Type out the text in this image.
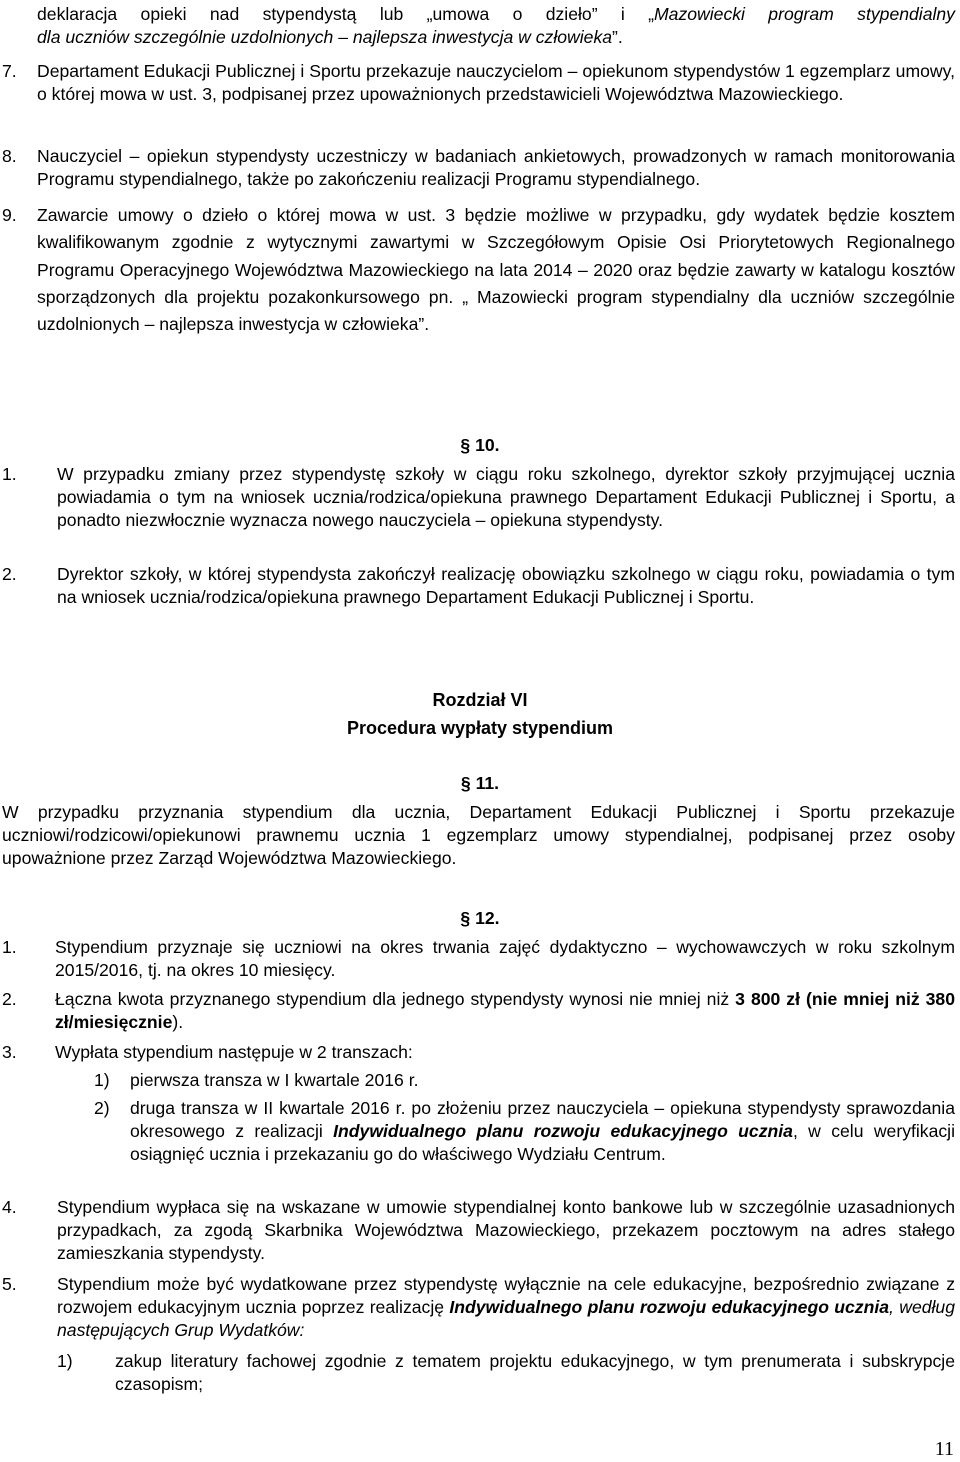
deklaracja opieki nad stypendystą lub „umowa o dzieło” i „Mazowiecki program stypendialny
dla uczniów szczególnie uzdolnionych – najlepsza inwestycja w człowieka”.
7. Departament Edukacji Publicznej i Sportu przekazuje nauczycielom – opiekunom stypendystów 1 egzemplarz umowy, o której mowa w ust. 3, podpisanej przez upoważnionych przedstawicieli Województwa Mazowieckiego.
8. Nauczyciel – opiekun stypendysty uczestniczy w badaniach ankietowych, prowadzonych w ramach monitorowania Programu stypendialnego, także po zakończeniu realizacji Programu stypendialnego.
9. Zawarcie umowy o dzieło o której mowa w ust. 3 będzie możliwe w przypadku, gdy wydatek będzie kosztem kwalifikowanym zgodnie z wytycznymi zawartymi w Szczegółowym Opisie Osi Priorytetowych Regionalnego Programu Operacyjnego Województwa Mazowieckiego na lata 2014 – 2020 oraz będzie zawarty w katalogu kosztów sporządzonych dla projektu pozakonkursowego pn. „ Mazowiecki program stypendialny dla uczniów szczególnie uzdolnionych – najlepsza inwestycja w człowieka”.
§ 10.
1. W przypadku zmiany przez stypendystę szkoły w ciągu roku szkolnego, dyrektor szkoły przyjmującej ucznia powiadamia o tym na wniosek ucznia/rodzica/opiekuna prawnego Departament Edukacji Publicznej i Sportu, a ponadto niezwłocznie wyznacza nowego nauczyciela – opiekuna stypendysty.
2. Dyrektor szkoły, w której stypendysta zakończył realizację obowiązku szkolnego w ciągu roku, powiadamia o tym na wniosek ucznia/rodzica/opiekuna prawnego Departament Edukacji Publicznej i Sportu.
Rozdział VI
Procedura wypłaty stypendium
§ 11.
W przypadku przyznania stypendium dla ucznia, Departament Edukacji Publicznej i Sportu przekazuje uczniowi/rodzicowi/opiekunowi prawnemu ucznia 1 egzemplarz umowy stypendialnej, podpisanej przez osoby upoważnione przez Zarząd Województwa Mazowieckiego.
§ 12.
1. Stypendium przyznaje się uczniowi na okres trwania zajęć dydaktyczno – wychowawczych w roku szkolnym 2015/2016, tj. na okres 10 miesięcy.
2. Łączna kwota przyznanego stypendium dla jednego stypendysty wynosi nie mniej niż 3 800 zł (nie mniej niż 380 zł/miesięcznie).
3. Wypłata stypendium następuje w 2 transzach:
1) pierwsza transza w I kwartale 2016 r.
2) druga transza w II kwartale 2016 r. po złożeniu przez nauczyciela – opiekuna stypendysty sprawozdania okresowego z realizacji Indywidualnego planu rozwoju edukacyjnego ucznia, w celu weryfikacji osiągnięć ucznia i przekazaniu go do właściwego Wydziału Centrum.
4. Stypendium wypłaca się na wskazane w umowie stypendialnej konto bankowe lub w szczególnie uzasadnionych przypadkach, za zgodą Skarbnika Województwa Mazowieckiego, przekazem pocztowym na adres stałego zamieszkania stypendysty.
5. Stypendium może być wydatkowane przez stypendystę wyłącznie na cele edukacyjne, bezpośrednio związane z rozwojem edukacyjnym ucznia poprzez realizację Indywidualnego planu rozwoju edukacyjnego ucznia, według następujących Grup Wydatków:
1) zakup literatury fachowej zgodnie z tematem projektu edukacyjnego, w tym prenumerata i subskrypcje czasopism;
11
